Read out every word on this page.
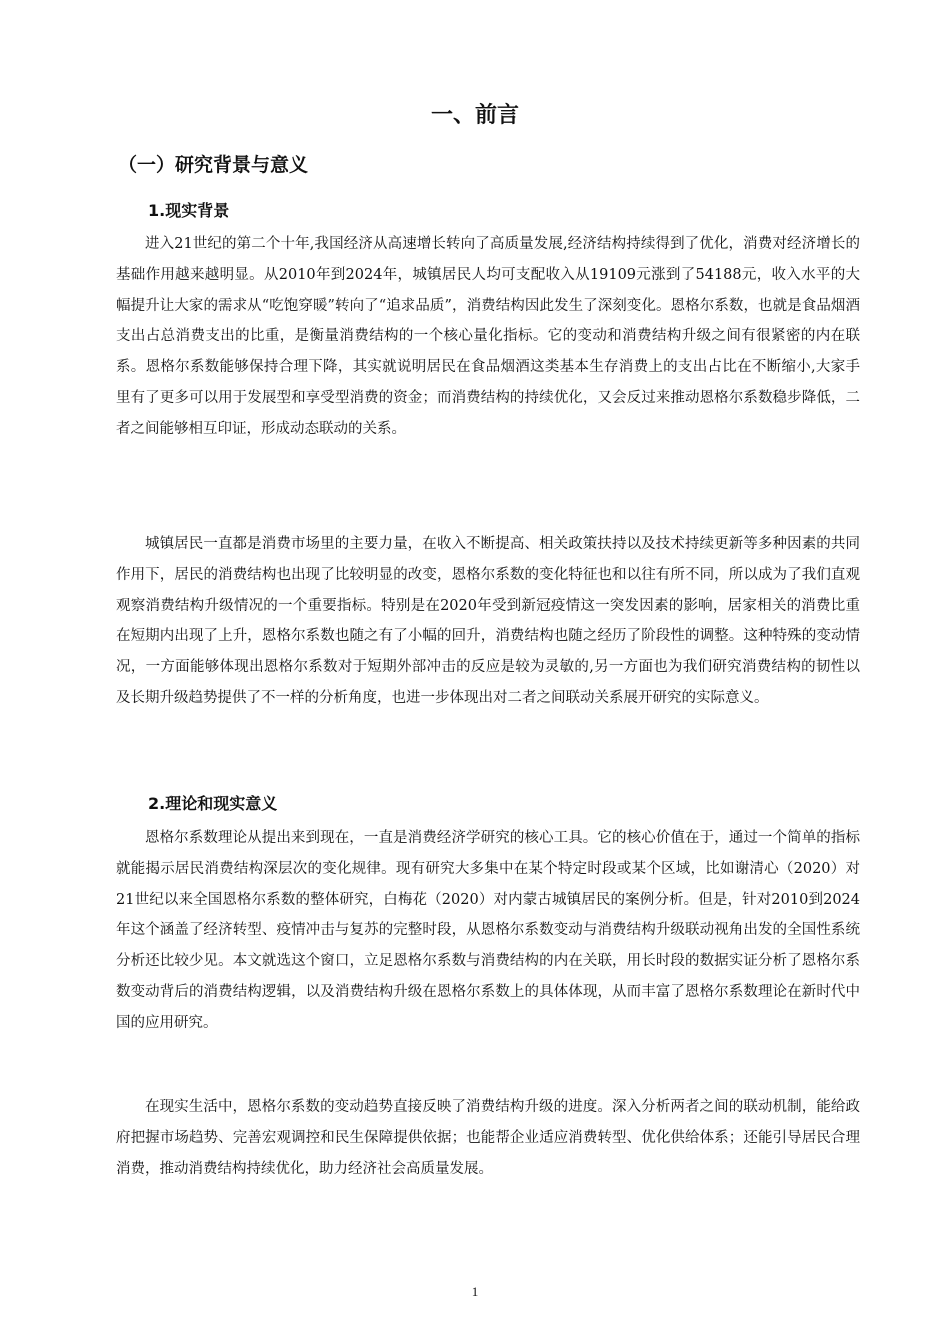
一、前言
（一）研究背景与意义
1.现实背景

进入21世纪的第二个十年,我国经济从高速增长转向了高质量发展,经济结构持续得到了优化，消费对经济增长的基础作用越来越明显。从2010年到2024年，城镇居民人均可支配收入从19109元涨到了54188元，收入水平的大幅提升让大家的需求从“吃饱穿暖”转向了“追求品质”，消费结构因此发生了深刻变化。恩格尔系数，也就是食品烟酒支出占总消费支出的比重，是衡量消费结构的一个核心量化指标。它的变动和消费结构升级之间有很紧密的内在联系。恩格尔系数能够保持合理下降，其实就说明居民在食品烟酒这类基本生存消费上的支出占比在不断缩小,大家手里有了更多可以用于发展型和享受型消费的资金；而消费结构的持续优化，又会反过来推动恩格尔系数稳步降低，二者之间能够相互印证，形成动态联动的关系。

城镇居民一直都是消费市场里的主要力量，在收入不断提高、相关政策扶持以及技术持续更新等多种因素的共同作用下，居民的消费结构也出现了比较明显的改变，恩格尔系数的变化特征也和以往有所不同，所以成为了我们直观观察消费结构升级情况的一个重要指标。特别是在2020年受到新冠疫情这一突发因素的影响，居家相关的消费比重在短期内出现了上升，恩格尔系数也随之有了小幅的回升，消费结构也随之经历了阶段性的调整。这种特殊的变动情况，一方面能够体现出恩格尔系数对于短期外部冲击的反应是较为灵敏的,另一方面也为我们研究消费结构的韧性以及长期升级趋势提供了不一样的分析角度，也进一步体现出对二者之间联动关系展开研究的实际意义。

2.理论和现实意义

恩格尔系数理论从提出来到现在，一直是消费经济学研究的核心工具。它的核心价值在于，通过一个简单的指标就能揭示居民消费结构深层次的变化规律。现有研究大多集中在某个特定时段或某个区域，比如谢清心（2020）对21世纪以来全国恩格尔系数的整体研究，白梅花（2020）对内蒙古城镇居民的案例分析。但是，针对2010到2024年这个涵盖了经济转型、疫情冲击与复苏的完整时段，从恩格尔系数变动与消费结构升级联动视角出发的全国性系统分析还比较少见。本文就选这个窗口，立足恩格尔系数与消费结构的内在关联，用长时段的数据实证分析了恩格尔系数变动背后的消费结构逻辑，以及消费结构升级在恩格尔系数上的具体体现，从而丰富了恩格尔系数理论在新时代中国的应用研究。

在现实生活中，恩格尔系数的变动趋势直接反映了消费结构升级的进度。深入分析两者之间的联动机制，能给政府把握市场趋势、完善宏观调控和民生保障提供依据；也能帮企业适应消费转型、优化供给体系；还能引导居民合理消费，推动消费结构持续优化，助力经济社会高质量发展。

1
